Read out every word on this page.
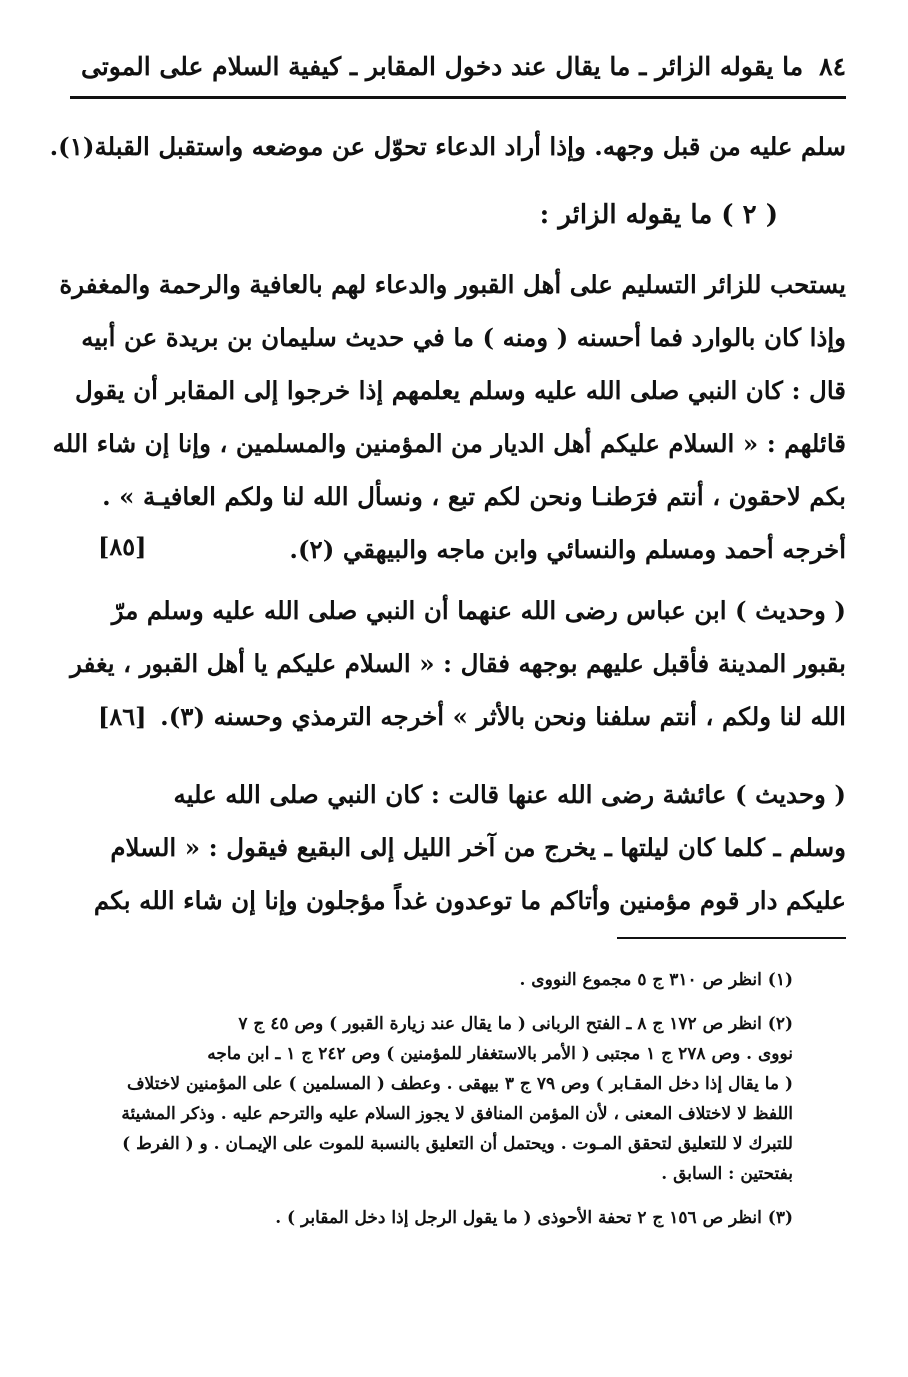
٨٤
ما يقوله الزائر ـ ما يقال عند دخول المقابر ـ كيفية السلام على الموتى
سلم عليه من قبل وجهه. وإذا أراد الدعاء تحوّل عن موضعه واستقبل القبلة(١).
( ٢ ) ما يقوله الزائر :
يستحب للزائر التسليم على أهل القبور والدعاء لهم بالعافية والرحمة والمغفرة
وإذا كان بالوارد فما أحسنه ( ومنه ) ما في حديث سليمان بن بريدة عن أبيه
قال : كان النبي صلى الله عليه وسلم يعلمهم إذا خرجوا إلى المقابر أن يقول
قائلهم : « السلام عليكم أهل الديار من المؤمنين والمسلمين ، وإنا إن شاء الله
بكم لاحقون ، أنتم فرَطنـا ونحن لكم تبع ، ونسأل الله لنا ولكم العافيـة » .
أخرجه أحمد ومسلم والنسائي وابن ماجه والبيهقي (٢).
[٨٥]
( وحديث ) ابن عباس رضى الله عنهما أن النبي صلى الله عليه وسلم مرّ
بقبور المدينة فأقبل عليهم بوجهه فقال : « السلام عليكم يا أهل القبور ، يغفر
الله لنا ولكم ، أنتم سلفنا ونحن بالأثر » أخرجه الترمذي وحسنه (٣).
[٨٦]
( وحديث ) عائشة رضى الله عنها قالت : كان النبي صلى الله عليه
وسلم ـ كلما كان ليلتها ـ يخرج من آخر الليل إلى البقيع فيقول : « السلام
عليكم دار قوم مؤمنين وأتاكم ما توعدون غداً مؤجلون وإنا إن شاء الله بكم
(١) انظر ص ٣١٠ ج ٥ مجموع النووى .
(٢) انظر ص ١٧٢ ج ٨ ـ الفتح الربانى ( ما يقال عند زيارة القبور ) وص ٤٥ ج ٧
نووى . وص ٢٧٨ ج ١ مجتبى ( الأمر بالاستغفار للمؤمنين ) وص ٢٤٢ ج ١ ـ ابن ماجه
( ما يقال إذا دخل المقـابر ) وص ٧٩ ج ٣ بيهقى . وعطف ( المسلمين ) على المؤمنين لاختلاف
اللفظ لا لاختلاف المعنى ، لأن المؤمن المنافق لا يجوز السلام عليه والترحم عليه . وذكر المشيئة
للتبرك لا للتعليق لتحقق المـوت . ويحتمل أن التعليق بالنسبة للموت على الإيمـان . و ( الفرط )
بفتحتين : السابق .
(٣) انظر ص ١٥٦ ج ٢ تحفة الأحوذى ( ما يقول الرجل إذا دخل المقابر ) .
